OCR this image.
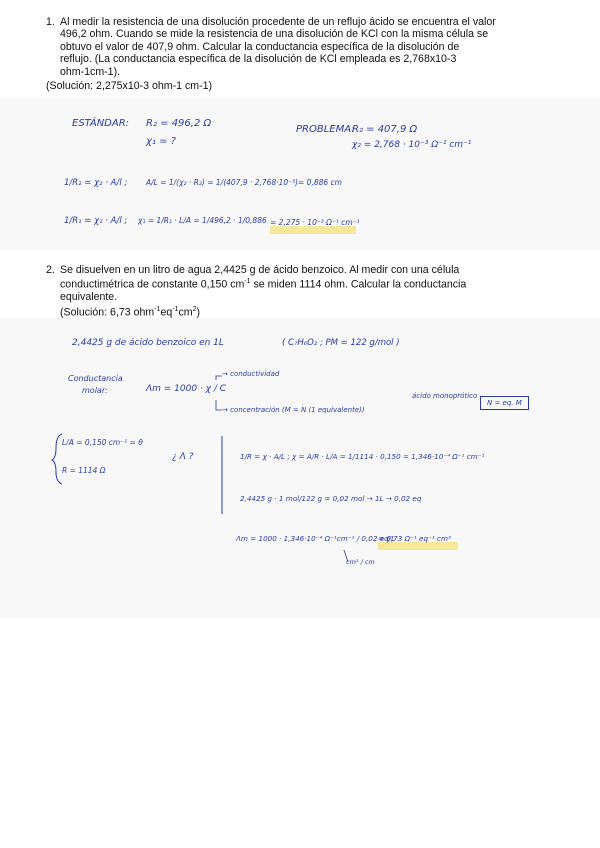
1. Al medir la resistencia de una disolución procedente de un reflujo ácido se encuentra el valor
496,2 ohm. Cuando se mide la resistencia de una disolución de KCl con la misma célula se
obtuvo el valor de 407,9 ohm. Calcular la conductancia específica de la disolución de
reflujo. (La conductancia específica de la disolución de KCl empleada es 2,768x10-3
ohm-1cm-1).
(Solución: 2,275x10-3 ohm-1 cm-1)
ESTÁNDAR: R₂ = 496,2 Ω
χ₁ = ?
PROBLEMA:
R₂ = 407,9 Ω
χ₂ = 2,768 · 10⁻³ Ω⁻¹ cm⁻¹
1/R₂ = χ₂ · A/l ; A/L = 1/(χ₂ · R₂) = 1/(407,9 · 2,768·10⁻³) = 0,886 cm
1/R₁ = χ₁ · A/l ; χ₁ = 1/R₁ · L/A = 1/496,2 · 1/0,886 = 2,275 · 10⁻³ Ω⁻¹ cm⁻¹
2. Se disuelven en un litro de agua 2,4425 g de ácido benzoico. Al medir con una célula
conductimétrica de constante 0,150 $cm^{-1}$ se miden 1114 ohm. Calcular la conductancia
equivalente.
(Solución: 6,73 $ohm^{-1}eq^{-1}cm^2$)
2,4425 g de ácido benzoico en 1L	( C₇H₆O₂ ; PM = 122 g/mol )
Conductancia
molar:	Λm = 1000 · χ / C
→ conductividad
→ concentración (M = N (1 equivalente))
ácido monoprótico
N = eq. M
L/A = 0,150 cm⁻¹ = θ
R = 1114 Ω
¿ Λ ?	1/R = χ · A/L ; χ = A/R · L/A = 1/1114 · 0,150 = 1,346·10⁻⁴ Ω⁻¹ cm⁻¹
2,4425 g · 1 mol/122 g = 0,02 mol → 1L → 0,02 eq
Λm = 1000 · 1,346·10⁻⁴ Ω⁻¹cm⁻¹ / 0,02 eq/L
= 6,73 Ω⁻¹ eq⁻¹ cm²
cm³ / cm
